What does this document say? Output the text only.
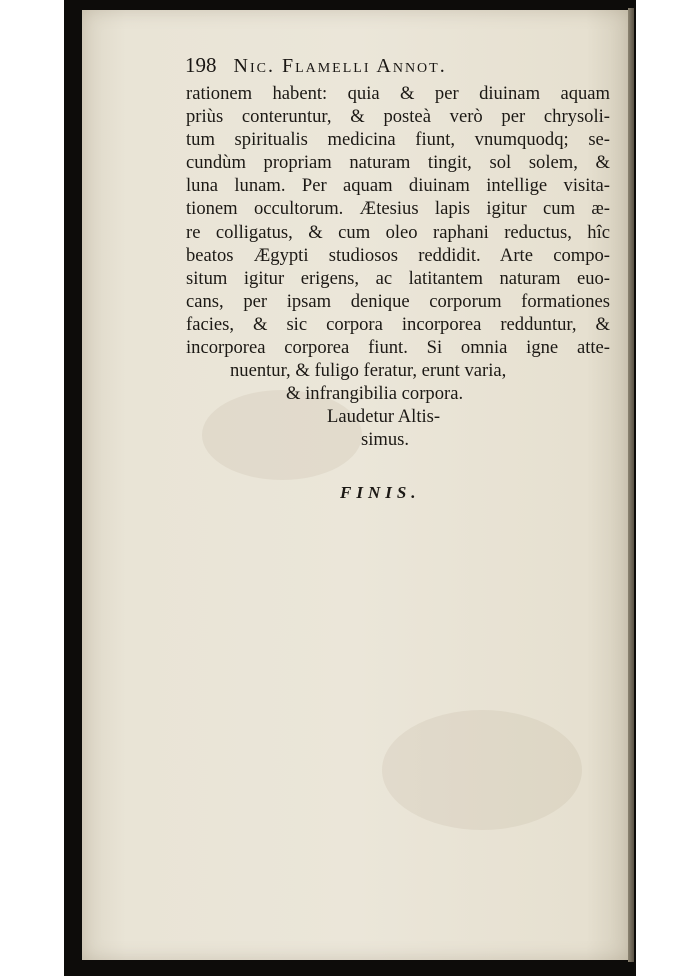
198 Nic. Flamelli Annot.
rationem habent: quia & per diuinam aquam
priùs conteruntur, & posteà verò per chrysoli-
tum spiritualis medicina fiunt, vnumquodq; se-
cundùm propriam naturam tingit, sol solem, &
luna lunam. Per aquam diuinam intellige visita-
tionem occultorum. Ætesius lapis igitur cum æ-
re colligatus, & cum oleo raphani reductus, hîc
beatos Ægypti studiosos reddidit. Arte compo-
situm igitur erigens, ac latitantem naturam euo-
cans, per ipsam denique corporum formationes
facies, & sic corpora incorporea redduntur, &
incorporea corporea fiunt. Si omnia igne atte-
nuentur, & fuligo feratur, erunt varia,
& infrangibilia corpora.
Laudetur Altis-
simus.
FINIS.
